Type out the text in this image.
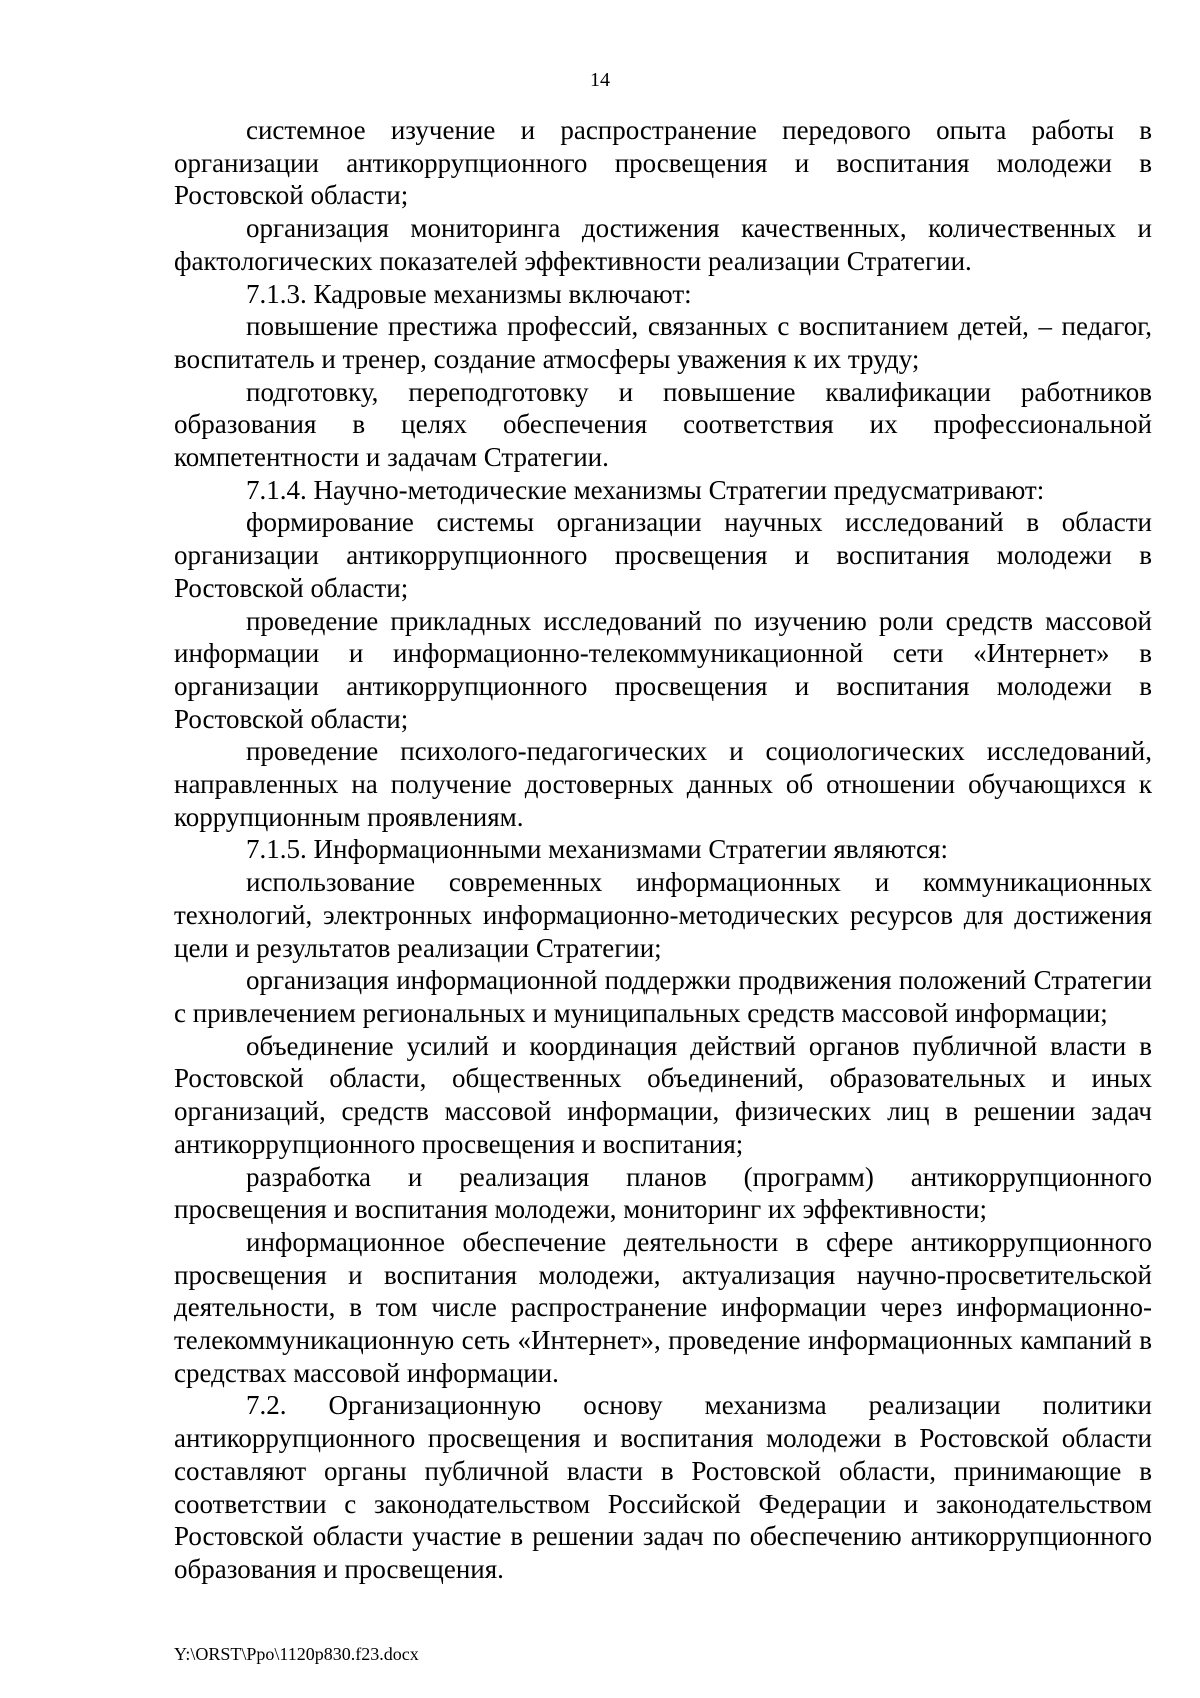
14

системное изучение и распространение передового опыта работы в организации антикоррупционного просвещения и воспитания молодежи в Ростовской области;

организация мониторинга достижения качественных, количественных и фактологических показателей эффективности реализации Стратегии.

7.1.3. Кадровые механизмы включают:

повышение престижа профессий, связанных с воспитанием детей, – педагог, воспитатель и тренер, создание атмосферы уважения к их труду;

подготовку, переподготовку и повышение квалификации работников образования в целях обеспечения соответствия их профессиональной компетентности и задачам Стратегии.

7.1.4. Научно-методические механизмы Стратегии предусматривают:

формирование системы организации научных исследований в области организации антикоррупционного просвещения и воспитания молодежи в Ростовской области;

проведение прикладных исследований по изучению роли средств массовой информации и информационно-телекоммуникационной сети «Интернет» в организации антикоррупционного просвещения и воспитания молодежи в Ростовской области;

проведение психолого-педагогических и социологических исследований, направленных на получение достоверных данных об отношении обучающихся к коррупционным проявлениям.

7.1.5. Информационными механизмами Стратегии являются:

использование современных информационных и коммуникационных технологий, электронных информационно-методических ресурсов для достижения цели и результатов реализации Стратегии;

организация информационной поддержки продвижения положений Стратегии с привлечением региональных и муниципальных средств массовой информации;

объединение усилий и координация действий органов публичной власти в Ростовской области, общественных объединений, образовательных и иных организаций, средств массовой информации, физических лиц в решении задач антикоррупционного просвещения и воспитания;

разработка и реализация планов (программ) антикоррупционного просвещения и воспитания молодежи, мониторинг их эффективности;

информационное обеспечение деятельности в сфере антикоррупционного просвещения и воспитания молодежи, актуализация научно-просветительской деятельности, в том числе распространение информации через информационно-телекоммуникационную сеть «Интернет», проведение информационных кампаний в средствах массовой информации.

7.2. Организационную основу механизма реализации политики антикоррупционного просвещения и воспитания молодежи в Ростовской области составляют органы публичной власти в Ростовской области, принимающие в соответствии с законодательством Российской Федерации и законодательством Ростовской области участие в решении задач по обеспечению антикоррупционного образования и просвещения.

Y:\ORST\Ppo\1120p830.f23.docx
